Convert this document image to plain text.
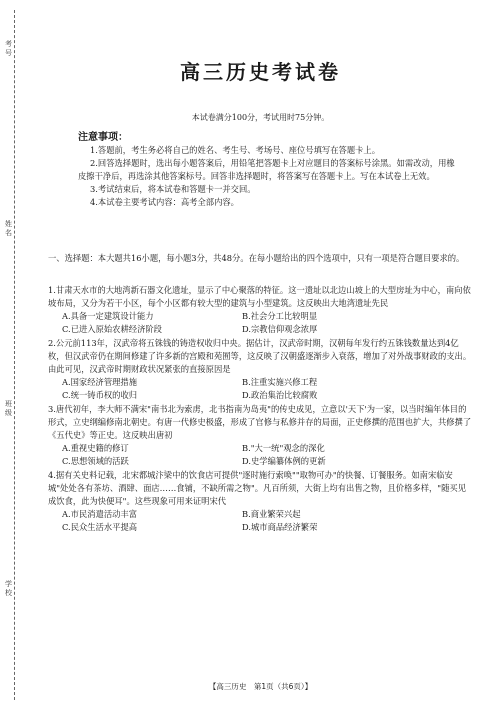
考
号
姓
名
班
级
学
校
高三历史考试卷
本试卷满分100分，考试用时75分钟。
注意事项：

1.答题前，考生务必将自己的姓名、考生号、考场号、座位号填写在答题卡上。

2.回答选择题时，选出每小题答案后，用铅笔把答题卡上对应题目的答案标号涂黑。如需改动，用橡皮擦干净后，再选涂其他答案标号。回答非选择题时，将答案写在答题卡上。写在本试卷上无效。

3.考试结束后，将本试卷和答题卡一并交回。

4.本试卷主要考试内容：高考全部内容。

一、选择题：本大题共16小题，每小题3分，共48分。在每小题给出的四个选项中，只有一项是符合题目要求的。

1.甘肃天水市的大地湾新石器文化遗址，显示了中心聚落的特征。这一遗址以北边山坡上的大型房址为中心，南向依坡布局，又分为若干小区，每个小区都有较大型的建筑与小型建筑。这反映出大地湾遗址先民

A.具备一定建筑设计能力	B.社会分工比较明显
C.已进入原始农耕经济阶段	D.宗教信仰观念浓厚

2.公元前113年，汉武帝将五铢钱的铸造权收归中央。据估计，汉武帝时期，汉朝每年发行约五铢钱数量达到4亿枚，但汉武帝仍在期间修建了许多新的宫殿和苑囿等，这反映了汉朝盛逐渐步入衰落，增加了对外战事财政的支出。由此可见，汉武帝时期财政状况紧张的直接原因是

A.国家经济管理措施	B.注重实施兴修工程
C.统一铸币权的收归	D.政治集治比较腐败

3.唐代初年，李大师不满宋"南书北为索虏，北书指南为岛夷"的传史成见，立意以'天下'为一家，以当时编年体目的形式，立史纲编修南北朝史。有唐一代修史极盛，形成了官修与私修并存的局面，正史修撰的范围也扩大，共修撰了《五代史》等正史。这反映出唐初

A.重视史籍的修订	B."大一统"观念的深化
C.思想领域的活跃	D.史学编纂体例的更新

4.据有关史料记载，北宋都城汴梁中的饮食店可提供"逐时施行索唤""取物可办"的快餐、订餐服务。如南宋临安城"处处各有茶坊、酒肆、面店……食铺，不缺所需之物"。凡百所须，大街上均有出售之物，且价格多样，"随买见成饮食，此为快便耳"。这些现象可用来证明宋代

A.市民消遣活动丰富	B.商业繁荣兴起
C.民众生活水平提高	D.城市商品经济繁荣
【高三历史　第1页（共6页）】
